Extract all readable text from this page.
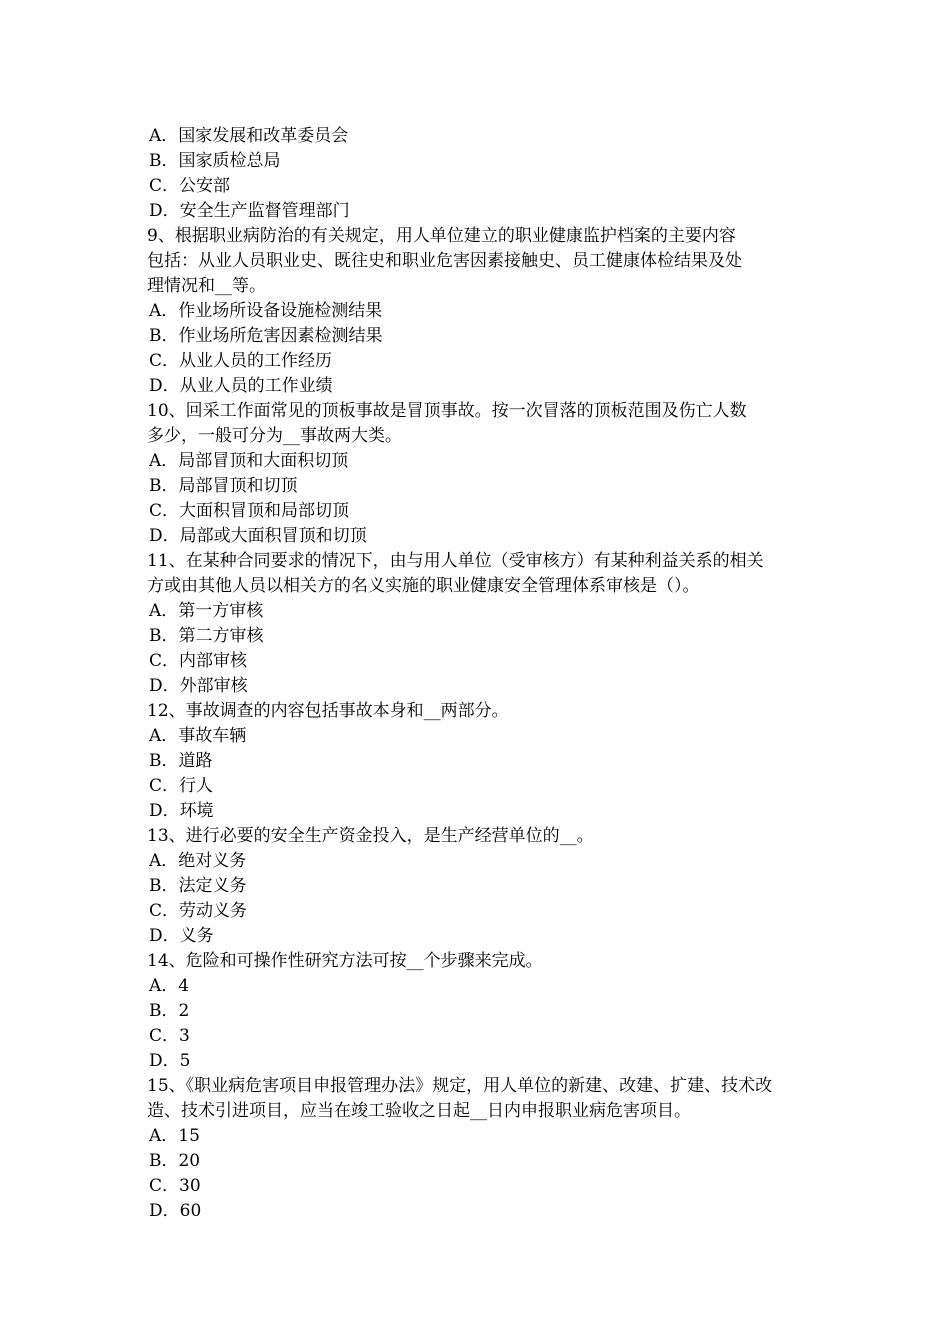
A．国家发展和改革委员会
B．国家质检总局
C．公安部
D．安全生产监督管理部门
9、根据职业病防治的有关规定，用人单位建立的职业健康监护档案的主要内容
包括：从业人员职业史、既往史和职业危害因素接触史、员工健康体检结果及处
理情况和__等。
A．作业场所设备设施检测结果
B．作业场所危害因素检测结果
C．从业人员的工作经历
D．从业人员的工作业绩
10、回采工作面常见的顶板事故是冒顶事故。按一次冒落的顶板范围及伤亡人数
多少，一般可分为__事故两大类。
A．局部冒顶和大面积切顶
B．局部冒顶和切顶
C．大面积冒顶和局部切顶
D．局部或大面积冒顶和切顶
11、在某种合同要求的情况下，由与用人单位（受审核方）有某种利益关系的相关
方或由其他人员以相关方的名义实施的职业健康安全管理体系审核是（）。
A．第一方审核
B．第二方审核
C．内部审核
D．外部审核
12、事故调查的内容包括事故本身和__两部分。
A．事故车辆
B．道路
C．行人
D．环境
13、进行必要的安全生产资金投入，是生产经营单位的__。
A．绝对义务
B．法定义务
C．劳动义务
D．义务
14、危险和可操作性研究方法可按__个步骤来完成。
A．4
B．2
C．3
D．5
15、《职业病危害项目申报管理办法》规定，用人单位的新建、改建、扩建、技术改
造、技术引进项目，应当在竣工验收之日起__日内申报职业病危害项目。
A．15
B．20
C．30
D．60
